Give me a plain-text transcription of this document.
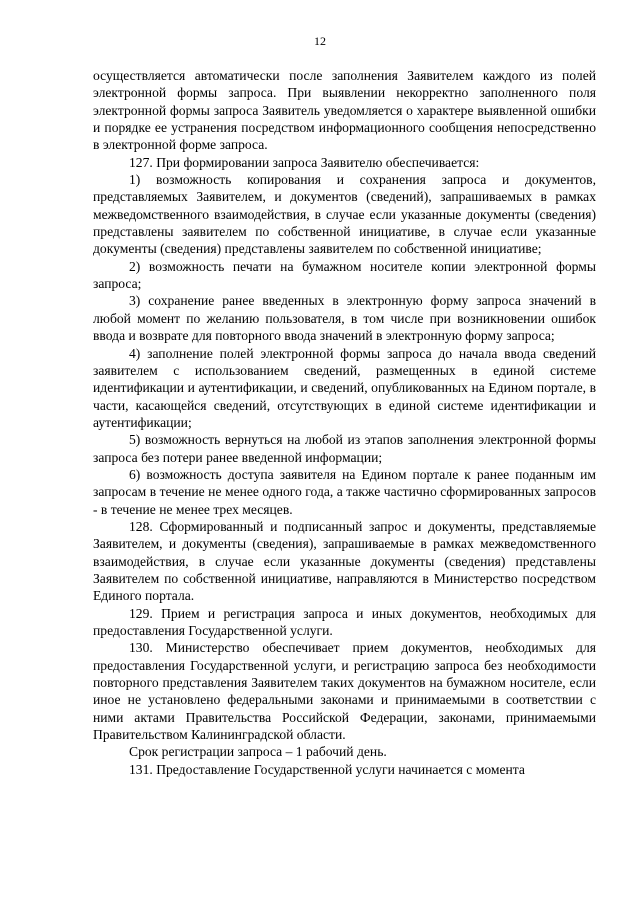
12

осуществляется автоматически после заполнения Заявителем каждого из полей электронной формы запроса. При выявлении некорректно заполненного поля электронной формы запроса Заявитель уведомляется о характере выявленной ошибки и порядке ее устранения посредством информационного сообщения непосредственно в электронной форме запроса.

127. При формировании запроса Заявителю обеспечивается:

1) возможность копирования и сохранения запроса и документов, представляемых Заявителем, и документов (сведений), запрашиваемых в рамках межведомственного взаимодействия, в случае если указанные документы (сведения) представлены заявителем по собственной инициативе, в случае если указанные документы (сведения) представлены заявителем по собственной инициативе;

2) возможность печати на бумажном носителе копии электронной формы запроса;

3) сохранение ранее введенных в электронную форму запроса значений в любой момент по желанию пользователя, в том числе при возникновении ошибок ввода и возврате для повторного ввода значений в электронную форму запроса;

4) заполнение полей электронной формы запроса до начала ввода сведений заявителем с использованием сведений, размещенных в единой системе идентификации и аутентификации, и сведений, опубликованных на Едином портале, в части, касающейся сведений, отсутствующих в единой системе идентификации и аутентификации;

5) возможность вернуться на любой из этапов заполнения электронной формы запроса без потери ранее введенной информации;

6) возможность доступа заявителя на Едином портале к ранее поданным им запросам в течение не менее одного года, а также частично сформированных запросов - в течение не менее трех месяцев.

128. Сформированный и подписанный запрос и документы, представляемые Заявителем, и документы (сведения), запрашиваемые в рамках межведомственного взаимодействия, в случае если указанные документы (сведения) представлены Заявителем по собственной инициативе, направляются в Министерство посредством Единого портала.

129. Прием и регистрация запроса и иных документов, необходимых для предоставления Государственной услуги.

130. Министерство обеспечивает прием документов, необходимых для предоставления Государственной услуги, и регистрацию запроса без необходимости повторного представления Заявителем таких документов на бумажном носителе, если иное не установлено федеральными законами и принимаемыми в соответствии с ними актами Правительства Российской Федерации, законами, принимаемыми Правительством Калининградской области.

Срок регистрации запроса – 1 рабочий день.

131. Предоставление Государственной услуги начинается с момента
